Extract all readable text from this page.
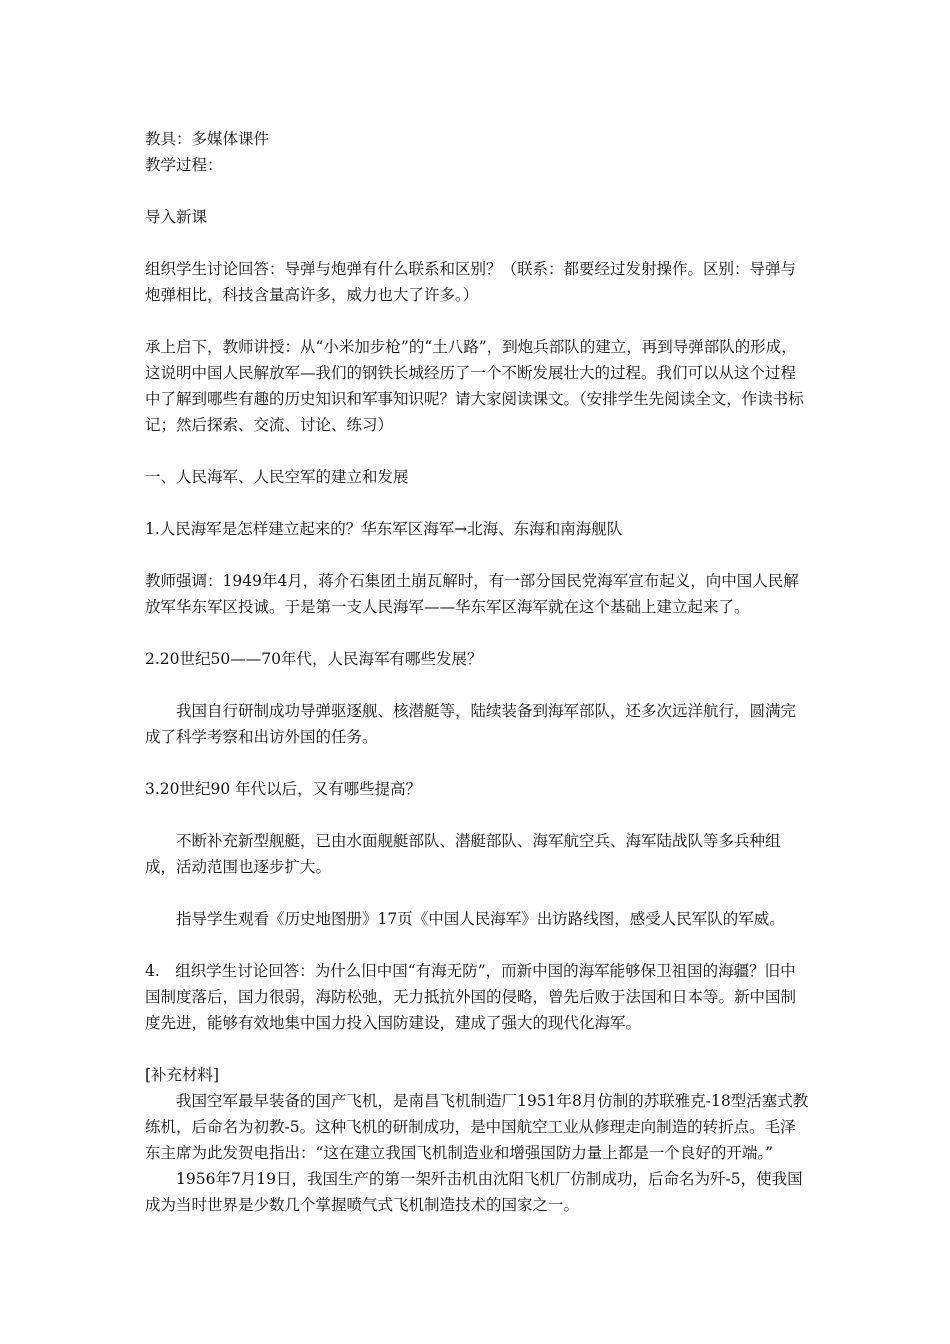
教具：多媒体课件

教学过程：

导入新课

组织学生讨论回答：导弹与炮弹有什么联系和区别？（联系：都要经过发射操作。区别：导弹与炮弹相比，科技含量高许多，威力也大了许多。）

承上启下，教师讲授：从“小米加步枪”的“土八路”，到炮兵部队的建立，再到导弹部队的形成，这说明中国人民解放军—我们的钢铁长城经历了一个不断发展壮大的过程。我们可以从这个过程中了解到哪些有趣的历史知识和军事知识呢？请大家阅读课文。（安排学生先阅读全文，作读书标记；然后探索、交流、讨论、练习）

一、人民海军、人民空军的建立和发展

1.人民海军是怎样建立起来的？华东军区海军→北海、东海和南海舰队

教师强调：1949年4月，蒋介石集团土崩瓦解时，有一部分国民党海军宣布起义，向中国人民解放军华东军区投诚。于是第一支人民海军——华东军区海军就在这个基础上建立起来了。

2.20世纪50——70年代，人民海军有哪些发展？

我国自行研制成功导弹驱逐舰、核潜艇等，陆续装备到海军部队，还多次远洋航行，圆满完成了科学考察和出访外国的任务。

3.20世纪90 年代以后，又有哪些提高？

不断补充新型舰艇，已由水面舰艇部队、潜艇部队、海军航空兵、海军陆战队等多兵种组成，活动范围也逐步扩大。

指导学生观看《历史地图册》17页《中国人民海军》出访路线图，感受人民军队的军威。

4.　组织学生讨论回答：为什么旧中国“有海无防”，而新中国的海军能够保卫祖国的海疆？旧中国制度落后，国力很弱，海防松弛，无力抵抗外国的侵略，曾先后败于法国和日本等。新中国制度先进，能够有效地集中国力投入国防建设，建成了强大的现代化海军。

[补充材料]

我国空军最早装备的国产飞机，是南昌飞机制造厂1951年8月仿制的苏联雅克-18型活塞式教练机，后命名为初教-5。这种飞机的研制成功，是中国航空工业从修理走向制造的转折点。毛泽东主席为此发贺电指出：“这在建立我国飞机制造业和增强国防力量上都是一个良好的开端。”

1956年7月19日，我国生产的第一架歼击机由沈阳飞机厂仿制成功，后命名为歼-5，使我国成为当时世界是少数几个掌握喷气式飞机制造技术的国家之一。
